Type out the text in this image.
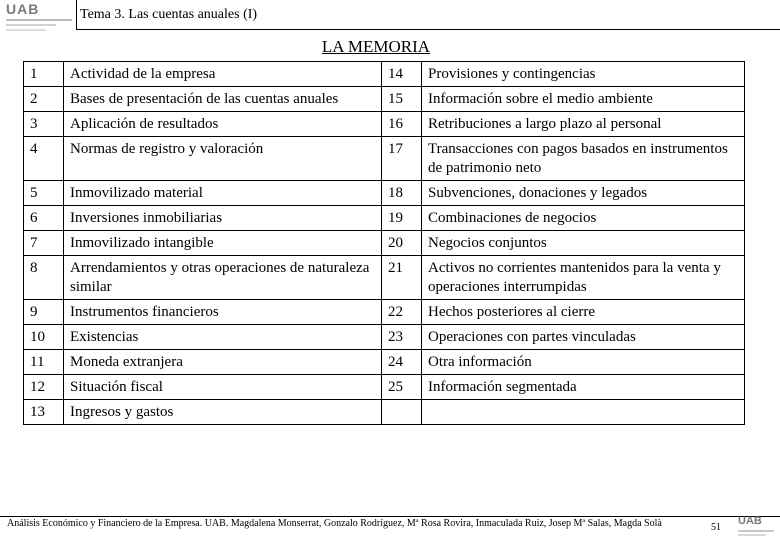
UAB	Tema 3. Las cuentas anuales (I)
LA MEMORIA
1	Actividad de la empresa	14	Provisiones y contingencias
2	Bases de presentación de las cuentas anuales	15	Información sobre el medio ambiente
3	Aplicación de resultados	16	Retribuciones a largo plazo al personal
4	Normas de registro y valoración	17	Transacciones con pagos basados en instrumentos de patrimonio neto
5	Inmovilizado material	18	Subvenciones, donaciones y legados
6	Inversiones inmobiliarias	19	Combinaciones de negocios
7	Inmovilizado intangible	20	Negocios conjuntos
8	Arrendamientos y otras operaciones de naturaleza similar	21	Activos no corrientes mantenidos para la venta y operaciones interrumpidas
9	Instrumentos financieros	22	Hechos posteriores al cierre
10	Existencias	23	Operaciones con partes vinculadas
11	Moneda extranjera	24	Otra información
12	Situación fiscal	25	Información segmentada
13	Ingresos y gastos		
Análisis Económico y Financiero de la Empresa. UAB. Magdalena Monserrat, Gonzalo Rodríguez, Mª Rosa Rovira, Inmaculada Ruiz, Josep Mª Salas, Magda Solà	51
UAB
